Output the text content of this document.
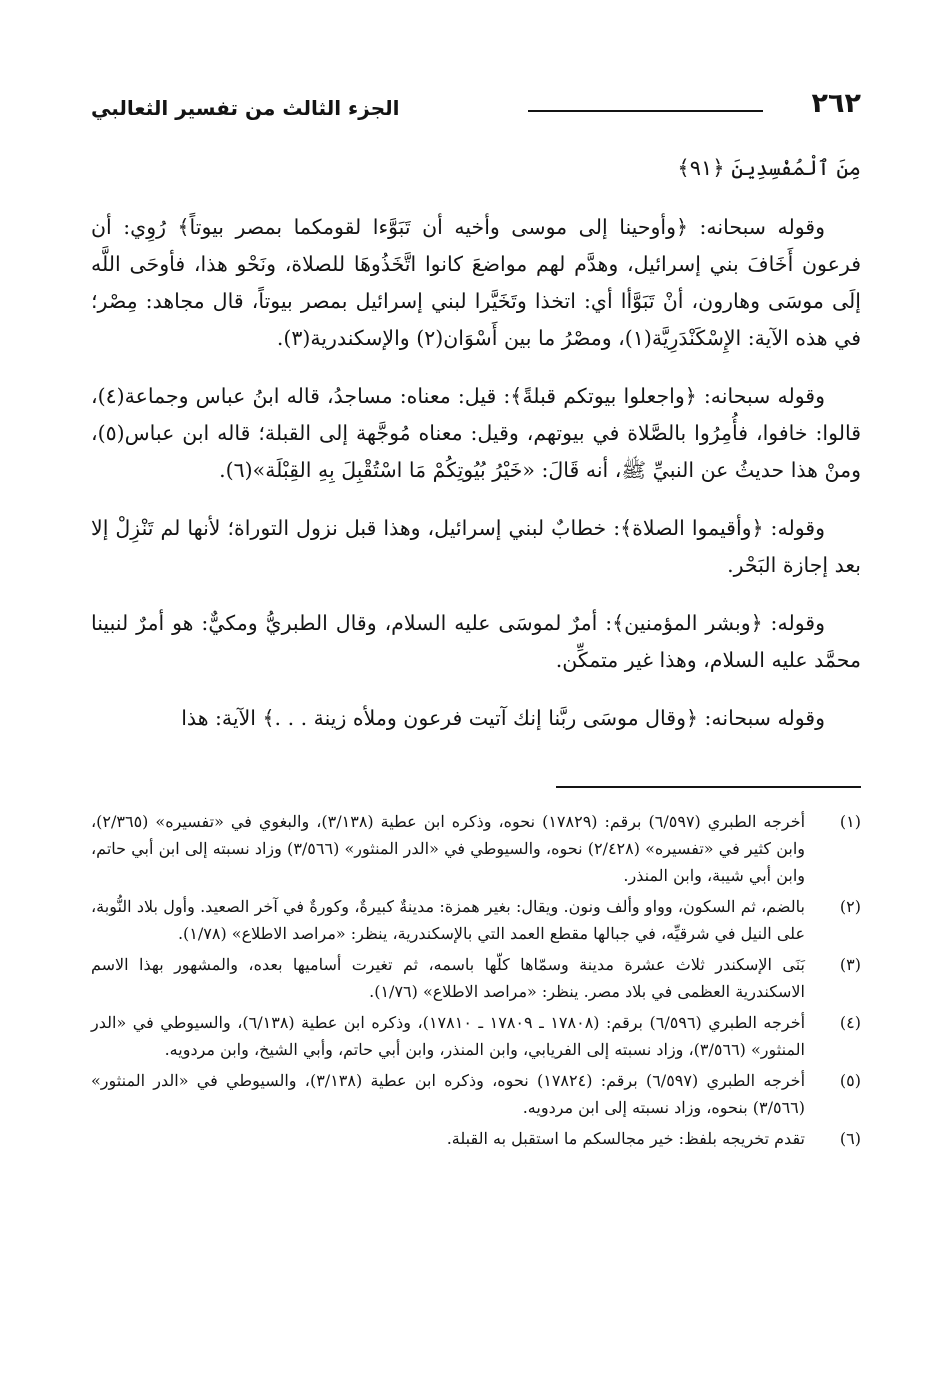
٢٦٢
الجزء الثالث من تفسير الثعالبي

مِنَ ٱلْمُفْسِدِينَ ﴿٩١﴾

وقوله سبحانه: ﴿وأوحينا إلى موسى وأخيه أن تَبَوَّءا لقومكما بمصر بيوتاً﴾ رُوِي: أن فرعون أَخَافَ بني إسرائيل، وهدَّم لهم مواضعَ كانوا اتَّخَذُوهَا للصلاة، ونَحْو هذا، فأوحَى اللَّه إلَى موسَى وهارون، أنْ تَبَوَّأا أي: اتخذا وتَخَيَّرا لبني إسرائيل بمصر بيوتاً، قال مجاهد: مِصْر؛ في هذه الآية: الإِسْكَنْدَرِيَّة(١)، ومصْرُ ما بين أَسْوَان(٢) والإسكندرية(٣).

وقوله سبحانه: ﴿واجعلوا بيوتكم قبلةً﴾: قيل: معناه: مساجدُ، قاله ابنُ عباس وجماعة(٤)، قالوا: خافوا، فأُمِرُوا بالصَّلاة في بيوتهم، وقيل: معناه مُوجَّهة إلى القبلة؛ قاله ابن عباس(٥)، ومنْ هذا حديثُ عن النبيِّ ﷺ، أنه قَالَ: «خَيْرُ بُيُوتِكُمْ مَا اسْتُقْبِلَ بِهِ القِبْلَة»(٦).

وقوله: ﴿وأقيموا الصلاة﴾: خطابٌ لبني إسرائيل، وهذا قبل نزول التوراة؛ لأنها لم تَنْزِلْ إلا بعد إجازة البَحْر.

وقوله: ﴿وبشر المؤمنين﴾: أمرٌ لموسَى عليه السلام، وقال الطبريُّ ومكيٌّ: هو أمرٌ لنبينا محمَّد عليه السلام، وهذا غير متمكِّن.

وقوله سبحانه: ﴿وقال موسَى ربَّنا إنك آتيت فرعون وملأه زينة . . .﴾ الآية: هذا

(١)
أخرجه الطبري (٦/٥٩٧) برقم: (١٧٨٢٩) نحوه، وذكره ابن عطية (٣/١٣٨)، والبغوي في «تفسيره» (٢/٣٦٥)، وابن كثير في «تفسيره» (٢/٤٢٨) نحوه، والسيوطي في «الدر المنثور» (٣/٥٦٦) وزاد نسبته إلى ابن أبي حاتم، وابن أبي شيبة، وابن المنذر.
(٢)
بالضم، ثم السكون، وواو وألف ونون. ويقال: بغير همزة: مدينةٌ كبيرةٌ، وكورةٌ في آخر الصعيد. وأول بلاد النُّوبة، على النيل في شرقيِّه، في جبالها مقطع العمد التي بالإسكندرية، ينظر: «مراصد الاطلاع» (١/٧٨).
(٣)
بَنَى الإسكندر ثلاث عشرة مدينة وسمّاها كلّها باسمه، ثم تغيرت أساميها بعده، والمشهور بهذا الاسم الاسكندرية العظمى في بلاد مصر. ينظر: «مراصد الاطلاع» (١/٧٦).
(٤)
أخرجه الطبري (٦/٥٩٦) برقم: (١٧٨٠٨ ـ ١٧٨٠٩ ـ ١٧٨١٠)، وذكره ابن عطية (٦/١٣٨)، والسيوطي في «الدر المنثور» (٣/٥٦٦)، وزاد نسبته إلى الفريابي، وابن المنذر، وابن أبي حاتم، وأبي الشيخ، وابن مردويه.
(٥)
أخرجه الطبري (٦/٥٩٧) برقم: (١٧٨٢٤) نحوه، وذكره ابن عطية (٣/١٣٨)، والسيوطي في «الدر المنثور» (٣/٥٦٦) بنحوه، وزاد نسبته إلى ابن مردويه.
(٦)
تقدم تخريجه بلفظ: خير مجالسكم ما استقبل به القبلة.
